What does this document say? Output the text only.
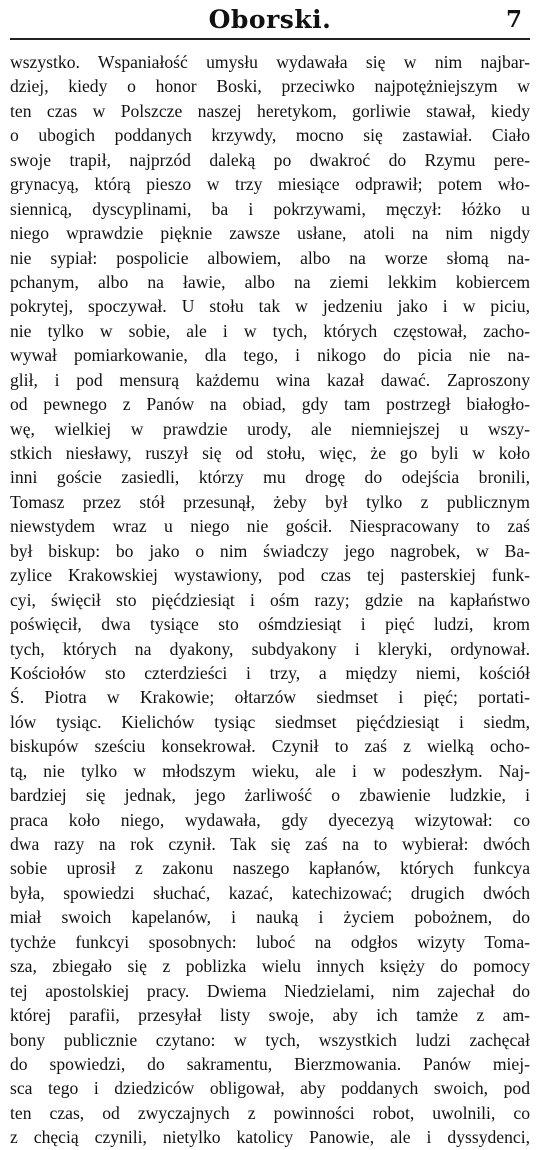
Oborski.	7
wszystko. Wspaniałość umysłu wydawała się w nim najbar-
dziej, kiedy o honor Boski, przeciwko najpotężniejszym w
ten czas w Polszcze naszej heretykom, gorliwie stawał, kiedy
o ubogich poddanych krzywdy, mocno się zastawiał. Ciało
swoje trapił, najprzód daleką po dwakroć do Rzymu pere-
grynacyą, którą pieszo w trzy miesiące odprawił; potem wło-
siennicą, dyscyplinami, ba i pokrzywami, męczył: łóżko u
niego wprawdzie pięknie zawsze usłane, atoli na nim nigdy
nie sypiał: pospolicie albowiem, albo na worze słomą na-
pchanym, albo na ławie, albo na ziemi lekkim kobiercem
pokrytej, spoczywał. U stołu tak w jedzeniu jako i w piciu,
nie tylko w sobie, ale i w tych, których częstował, zacho-
wywał pomiarkowanie, dla tego, i nikogo do picia nie na-
glił, i pod mensurą każdemu wina kazał dawać. Zaproszony
od pewnego z Panów na obiad, gdy tam postrzegł białogło-
wę, wielkiej w prawdzie urody, ale niemniejszej u wszy-
stkich niesławy, ruszył się od stołu, więc, że go byli w koło
inni goście zasiedli, którzy mu drogę do odejścia bronili,
Tomasz przez stół przesunął, żeby był tylko z publicznym
niewstydem wraz u niego nie gościł. Niespracowany to zaś
był biskup: bo jako o nim świadczy jego nagrobek, w Ba-
zylice Krakowskiej wystawiony, pod czas tej pasterskiej funk-
cyi, święcił sto pięćdziesiąt i ośm razy; gdzie na kapłaństwo
poświęcił, dwa tysiące sto ośmdziesiąt i pięć ludzi, krom
tych, których na dyakony, subdyakony i kleryki, ordynował.
Kościołów sto czterdzieści i trzy, a między niemi, kościół
Ś. Piotra w Krakowie; ołtarzów siedmset i pięć; portati-
lów tysiąc. Kielichów tysiąc siedmset pięćdziesiąt i siedm,
biskupów sześciu konsekrował. Czynił to zaś z wielką ocho-
tą, nie tylko w młodszym wieku, ale i w podeszłym. Naj-
bardziej się jednak, jego żarliwość o zbawienie ludzkie, i
praca koło niego, wydawała, gdy dyecezyą wizytował: co
dwa razy na rok czynił. Tak się zaś na to wybierał: dwóch
sobie uprosił z zakonu naszego kapłanów, których funkcya
była, spowiedzi słuchać, kazać, katechizować; drugich dwóch
miał swoich kapelanów, i nauką i życiem pobożnem, do
tychże funkcyi sposobnych: luboć na odgłos wizyty Toma-
sza, zbiegało się z poblizka wielu innych księży do pomocy
tej apostolskiej pracy. Dwiema Niedzielami, nim zajechał do
której parafii, przesyłał listy swoje, aby ich tamże z am-
bony publicznie czytano: w tych, wszystkich ludzi zachęcał
do spowiedzi, do sakramentu, Bierzmowania. Panów miej-
sca tego i dziedziców obligował, aby poddanych swoich, pod
ten czas, od zwyczajnych z powinności robot, uwolnili, co
z chęcią czynili, nietylko katolicy Panowie, ale i dyssydenci,
